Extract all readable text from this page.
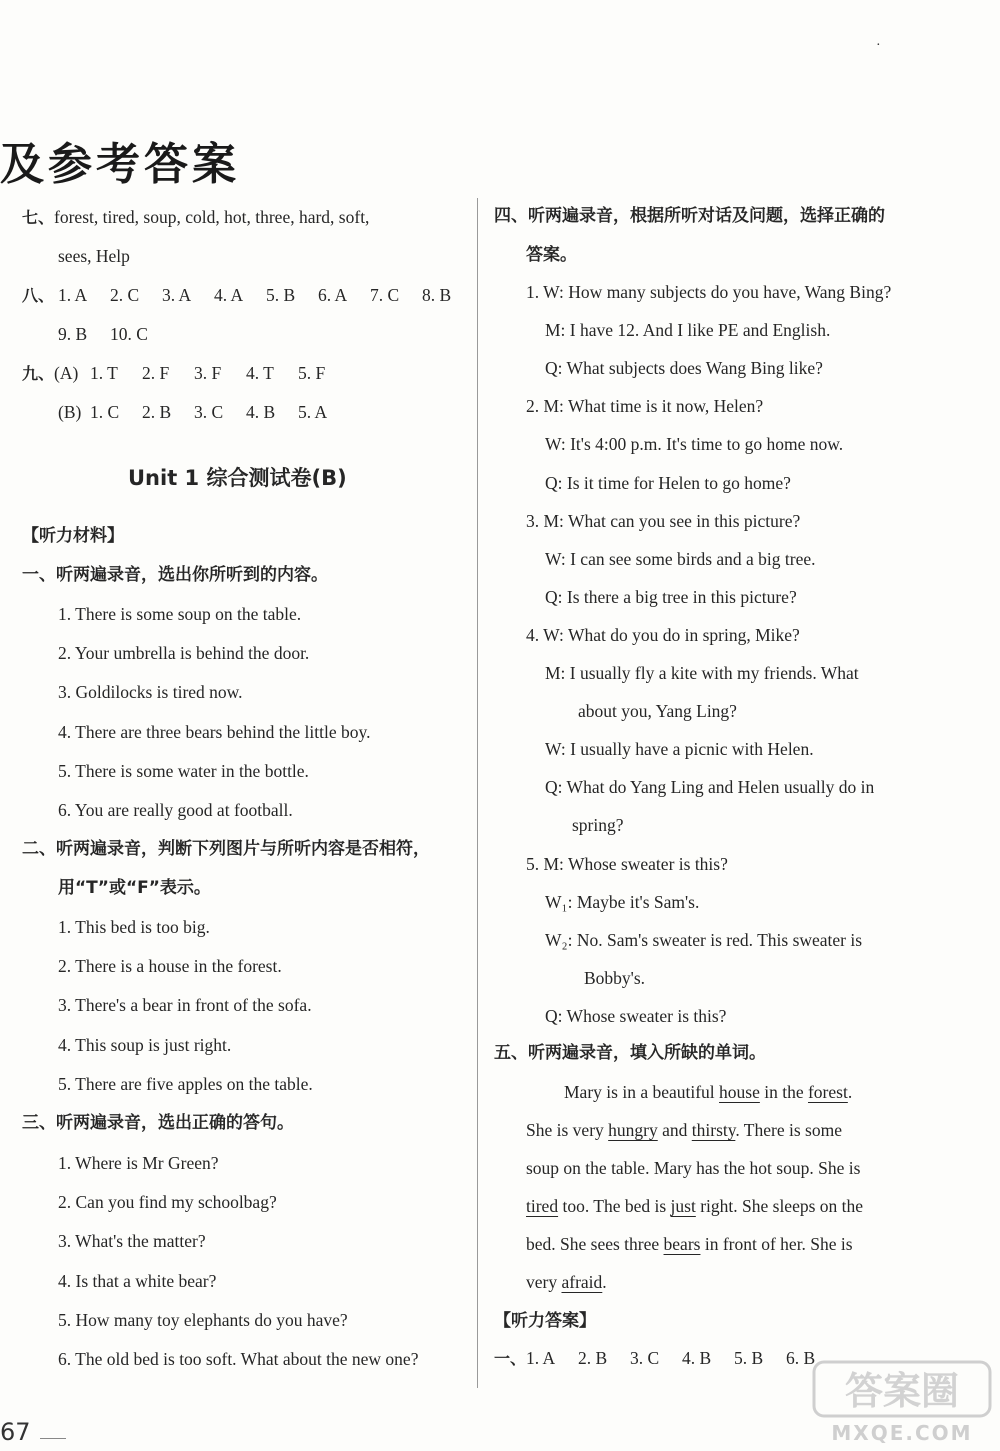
·
及参考答案
七、forest, tired, soup, cold, hot, three, hard, soft,
sees, Help
八、 1. A 2. C 3. A 4. A 5. B 6. A 7. C 8. B
9. B 10. C
九、(A) 1. T 2. F 3. F 4. T 5. F
(B) 1. C 2. B 3. C 4. B 5. A
Unit 1 综合测试卷(B)
【听力材料】
一、听两遍录音，选出你所听到的内容。
1. There is some soup on the table.
2. Your umbrella is behind the door.
3. Goldilocks is tired now.
4. There are three bears behind the little boy.
5. There is some water in the bottle.
6. You are really good at football.
二、听两遍录音，判断下列图片与所听内容是否相符，
用“T”或“F”表示。
1. This bed is too big.
2. There is a house in the forest.
3. There's a bear in front of the sofa.
4. This soup is just right.
5. There are five apples on the table.
三、听两遍录音，选出正确的答句。
1. Where is Mr Green?
2. Can you find my schoolbag?
3. What's the matter?
4. Is that a white bear?
5. How many toy elephants do you have?
6. The old bed is too soft. What about the new one?
四、听两遍录音，根据所听对话及问题，选择正确的
答案。
1. W: How many subjects do you have, Wang Bing?
M: I have 12. And I like PE and English.
Q: What subjects does Wang Bing like?
2. M: What time is it now, Helen?
W: It's 4:00 p.m. It's time to go home now.
Q: Is it time for Helen to go home?
3. M: What can you see in this picture?
W: I can see some birds and a big tree.
Q: Is there a big tree in this picture?
4. W: What do you do in spring, Mike?
M: I usually fly a kite with my friends. What
about you, Yang Ling?
W: I usually have a picnic with Helen.
Q: What do Yang Ling and Helen usually do in
spring?
5. M: Whose sweater is this?
W₁: Maybe it's Sam's.
W₂: No. Sam's sweater is red. This sweater is
Bobby's.
Q: Whose sweater is this?
五、听两遍录音，填入所缺的单词。
Mary is in a beautiful house in the forest.
She is very hungry and thirsty. There is some
soup on the table. Mary has the hot soup. She is
tired too. The bed is just right. She sleeps on the
bed. She sees three bears in front of her. She is
very afraid.
【听力答案】
一、 1. A 2. B 3. C 4. B 5. B 6. B
67
答案圈
MXQE.COM
